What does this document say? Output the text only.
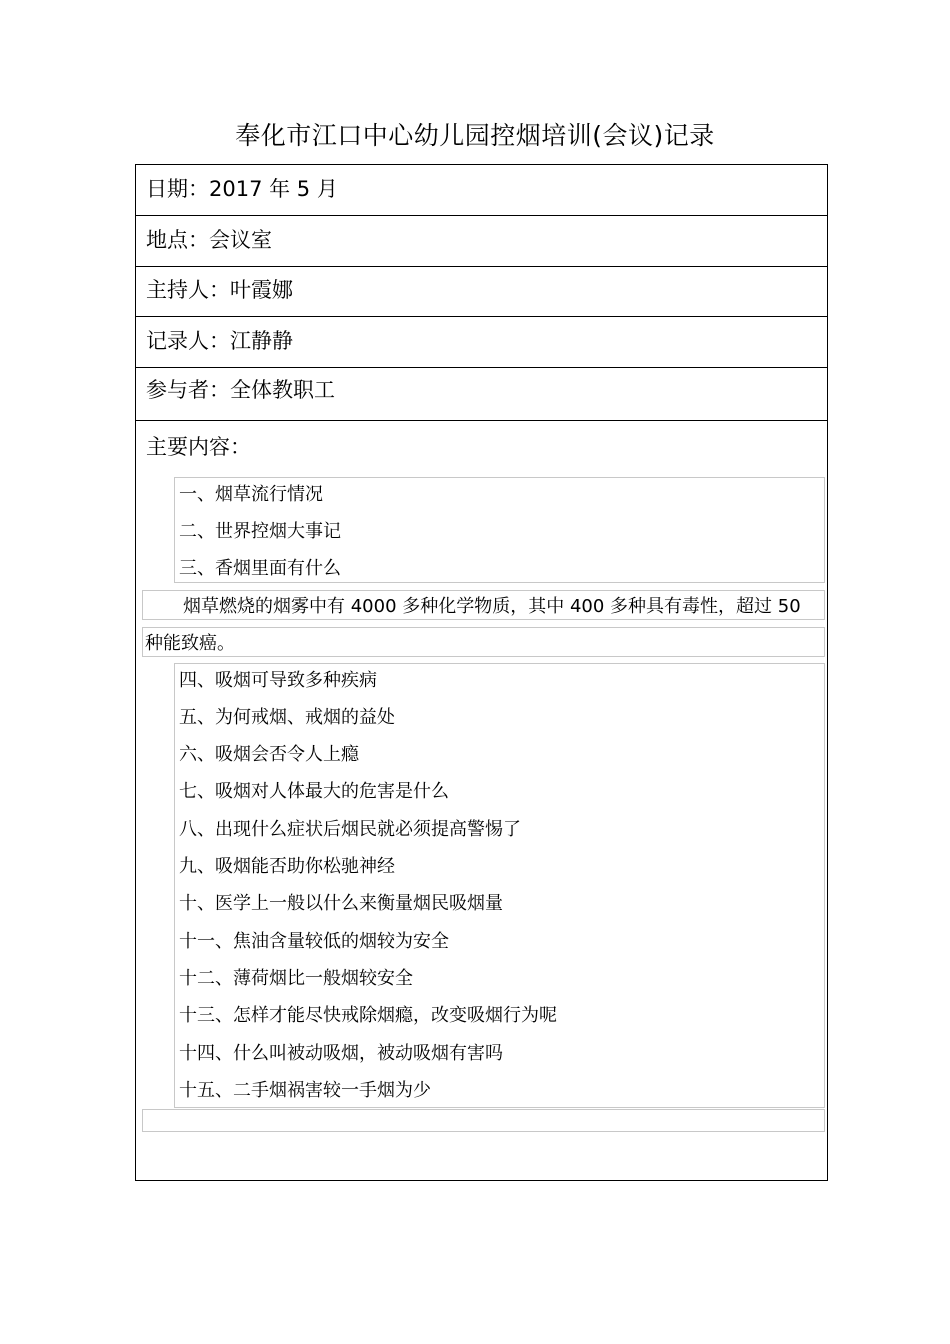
奉化市江口中心幼儿园控烟培训(会议)记录
日期：2017 年 5 月
地点：会议室
主持人：叶霞娜
记录人：江静静
参与者：全体教职工
主要内容：
一、烟草流行情况
二、世界控烟大事记
三、香烟里面有什么
烟草燃烧的烟雾中有 4000 多种化学物质，其中 400 多种具有毒性，超过 50
种能致癌。
四、吸烟可导致多种疾病
五、为何戒烟、戒烟的益处
六、吸烟会否令人上瘾
七、吸烟对人体最大的危害是什么
八、出现什么症状后烟民就必须提高警惕了
九、吸烟能否助你松驰神经
十、医学上一般以什么来衡量烟民吸烟量
十一、焦油含量较低的烟较为安全
十二、薄荷烟比一般烟较安全
十三、怎样才能尽快戒除烟瘾，改变吸烟行为呢
十四、什么叫被动吸烟，被动吸烟有害吗
十五、二手烟祸害较一手烟为少
